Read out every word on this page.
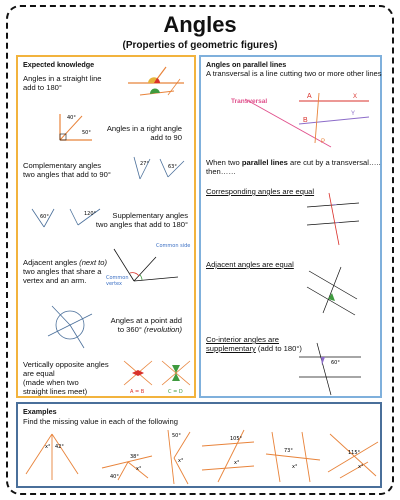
Angles
(Properties of geometric figures)
Expected knowledge
Angles in a straight line
add to 180°
40°
50° Angles in a right angle
add to 90
Complementary angles
two angles that add to 90°
27°	63°
60°	120° Supplementary angles
two angles that add to 180°
Adjacent angles (next to)
two angles that share a
vertex and an arm.
Common side
Common
vertex
Angles at a point add
to 360° (revolution)
Vertically opposite angles
are equal
(made when two
straight lines meet)	A = B	C = D
Angles on parallel lines
A transversal is a line cutting two or more other lines
Transversal
A	X
B
Y
P
When two parallel lines are cut by a transversal…..
then……
Corresponding angles are equal
Adjacent angles are equal
Co-interior angles are
supplementary (add to 180°)
60°
Examples
Find the missing value in each of the following
x° 42°
38°
40°
x°
50°
x°
105°
x°
73°
x°
115°
x°
